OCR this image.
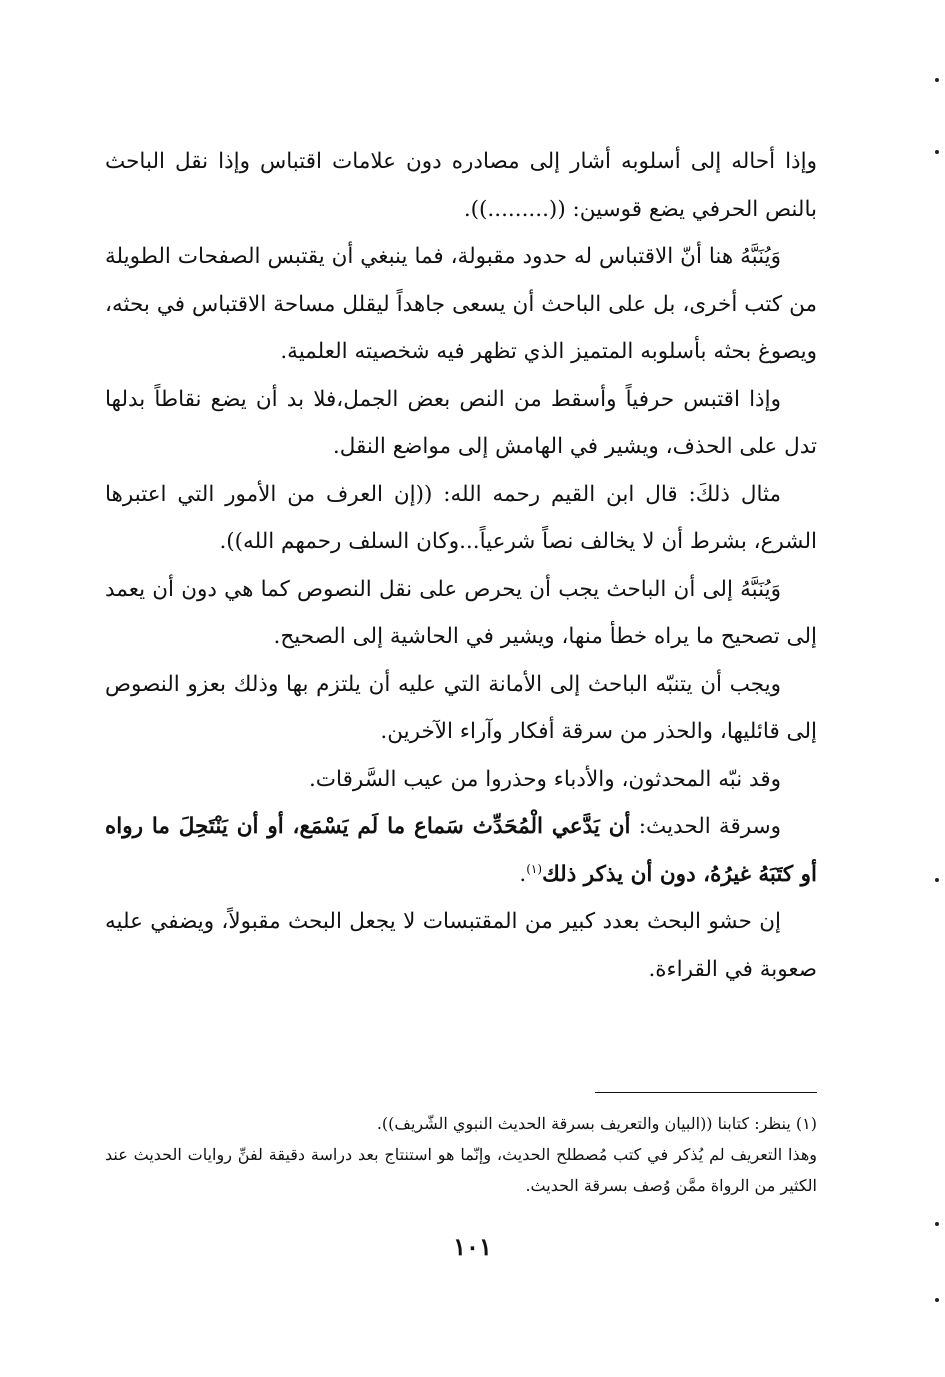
وإذا أحاله إلى أسلوبه أشار إلى مصادره دون علامات اقتباس وإذا نقل الباحث بالنص الحرفي يضع قوسين: ((.........)).

وَيُنَبَّهُ هنا أنّ الاقتباس له حدود مقبولة، فما ينبغي أن يقتبس الصفحات الطويلة من كتب أخرى، بل على الباحث أن يسعى جاهداً ليقلل مساحة الاقتباس في بحثه، ويصوغ بحثه بأسلوبه المتميز الذي تظهر فيه شخصيته العلمية.

وإذا اقتبس حرفياً وأسقط من النص بعض الجمل،فلا بد أن يضع نقاطاً بدلها تدل على الحذف، ويشير في الهامش إلى مواضع النقل.

مثال ذلكَ: قال ابن القيم رحمه الله: ((إن العرف من الأمور التي اعتبرها الشرع، بشرط أن لا يخالف نصاً شرعياً...وكان السلف رحمهم الله)).

وَيُنَبَّهُ إلى أن الباحث يجب أن يحرص على نقل النصوص كما هي دون أن يعمد إلى تصحيح ما يراه خطأ منها، ويشير في الحاشية إلى الصحيح.

ويجب أن يتنبّه الباحث إلى الأمانة التي عليه أن يلتزم بها وذلك بعزو النصوص إلى قائليها، والحذر من سرقة أفكار وآراء الآخرين.

وقد نبّه المحدثون، والأدباء وحذروا من عيب السَّرقات.

وسرقة الحديث: أن يَدَّعي الْمُحَدِّث سَماع ما لَم يَسْمَع، أو أن يَنْتَحِلَ ما رواه أو كتَبَهُ غيرُهُ، دون أن يذكر ذلك$^{(١)}$.

إن حشو البحث بعدد كبير من المقتبسات لا يجعل البحث مقبولاً، ويضفي عليه صعوبة في القراءة.

(١) ينظر: كتابنا ((البيان والتعريف بسرقة الحديث النبوي الشّريف)).

وهذا التعريف لم يُذكر في كتب مُصطلح الحديث، وإنّما هو استنتاج بعد دراسة دقيقة لفنِّ روايات الحديث عند الكثير من الرواة ممَّن وُصف بسرقة الحديث.

١٠١
